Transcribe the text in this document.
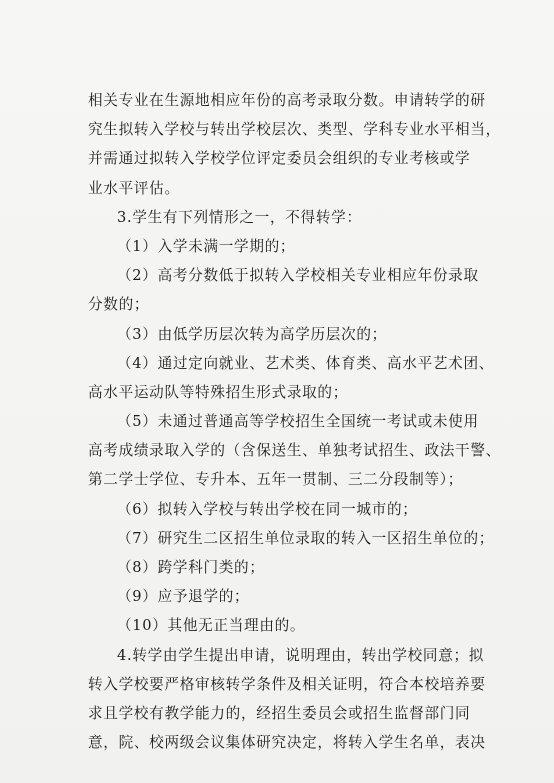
相关专业在生源地相应年份的高考录取分数。申请转学的研
究生拟转入学校与转出学校层次、类型、学科专业水平相当，
并需通过拟转入学校学位评定委员会组织的专业考核或学
业水平评估。
3.学生有下列情形之一，不得转学：
（1）入学未满一学期的；
（2）高考分数低于拟转入学校相关专业相应年份录取
分数的；
（3）由低学历层次转为高学历层次的；
（4）通过定向就业、艺术类、体育类、高水平艺术团、
高水平运动队等特殊招生形式录取的；
（5）未通过普通高等学校招生全国统一考试或未使用
高考成绩录取入学的（含保送生、单独考试招生、政法干警、
第二学士学位、专升本、五年一贯制、三二分段制等）；
（6）拟转入学校与转出学校在同一城市的；
（7）研究生二区招生单位录取的转入一区招生单位的；
（8）跨学科门类的；
（9）应予退学的；
（10）其他无正当理由的。
4.转学由学生提出申请，说明理由，转出学校同意；拟
转入学校要严格审核转学条件及相关证明，符合本校培养要
求且学校有教学能力的，经招生委员会或招生监督部门同
意，院、校两级会议集体研究决定，将转入学生名单，表决
